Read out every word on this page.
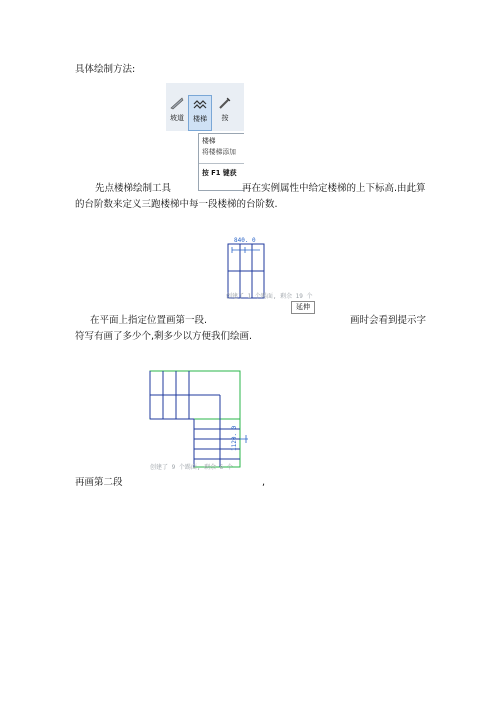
具体绘制方法:
坡道	楼梯	按
楼梯
将楼梯添加
按 F1 键获
先点楼梯绘制工具	再在实例属性中给定楼梯的上下标高.由此算
的台阶数来定义三跑楼梯中每一段楼梯的台阶数.
840. 0
创建了 1 个踢面, 剩余 19 个
延伸
在平面上指定位置画第一段.	画时会看到提示字
符写有画了多少个,剩多少以方便我们绘画.
1120. 0
创建了 9 个踢面, 剩余 6 个
再画第二段	,
